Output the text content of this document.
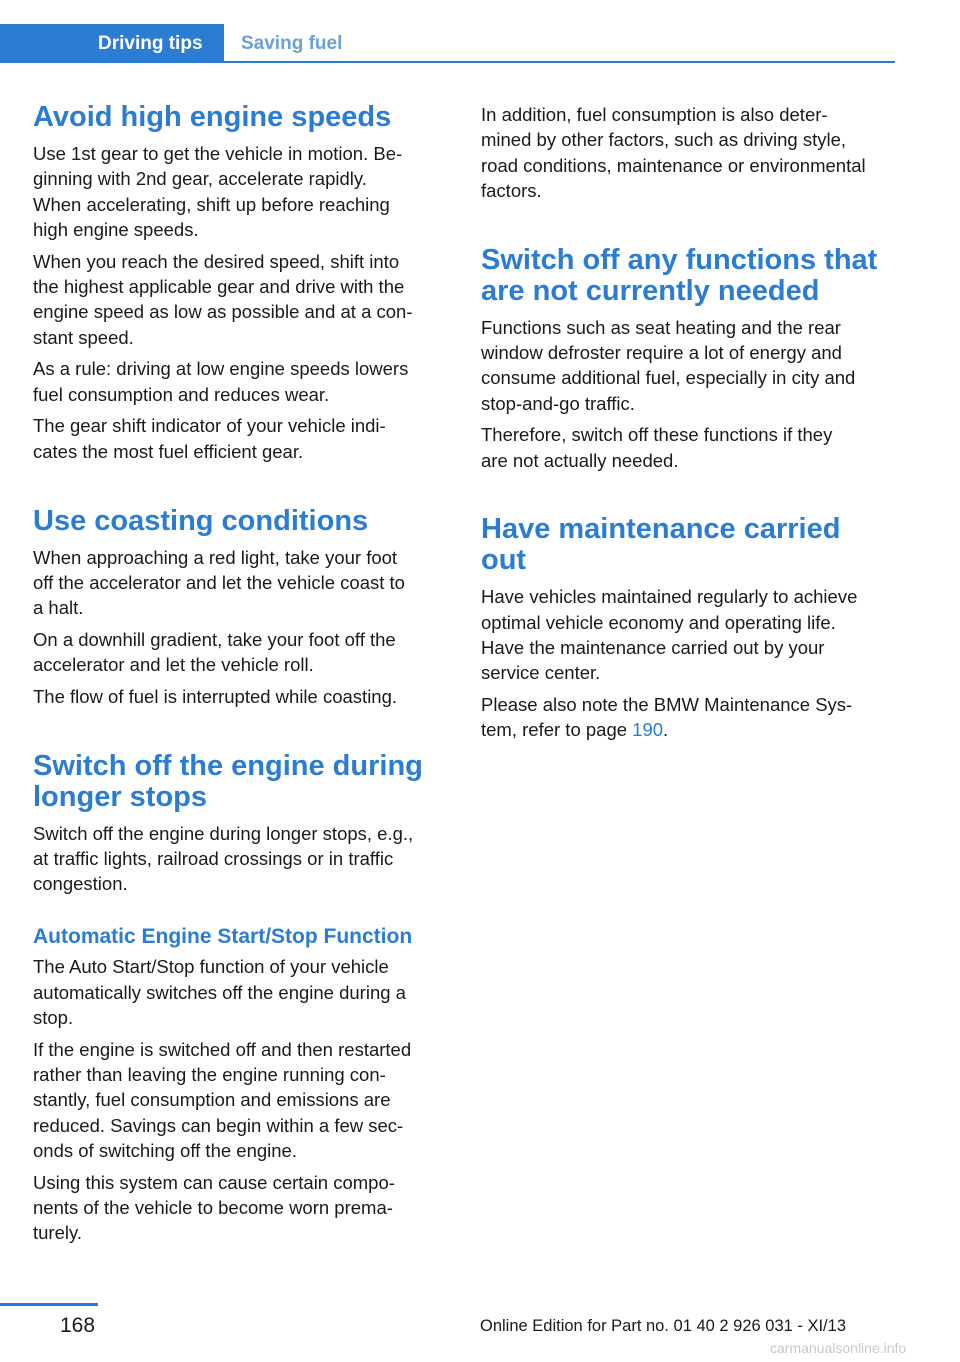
Driving tips	Saving fuel
Avoid high engine speeds

Use 1st gear to get the vehicle in motion. Be-
ginning with 2nd gear, accelerate rapidly.
When accelerating, shift up before reaching
high engine speeds.

When you reach the desired speed, shift into
the highest applicable gear and drive with the
engine speed as low as possible and at a con-
stant speed.

As a rule: driving at low engine speeds lowers
fuel consumption and reduces wear.

The gear shift indicator of your vehicle indi-
cates the most fuel efficient gear.

Use coasting conditions

When approaching a red light, take your foot
off the accelerator and let the vehicle coast to
a halt.

On a downhill gradient, take your foot off the
accelerator and let the vehicle roll.

The flow of fuel is interrupted while coasting.

Switch off the engine during
longer stops

Switch off the engine during longer stops, e.g.,
at traffic lights, railroad crossings or in traffic
congestion.

Automatic Engine Start/Stop Function

The Auto Start/Stop function of your vehicle
automatically switches off the engine during a
stop.

If the engine is switched off and then restarted
rather than leaving the engine running con-
stantly, fuel consumption and emissions are
reduced. Savings can begin within a few sec-
onds of switching off the engine.

Using this system can cause certain compo-
nents of the vehicle to become worn prema-
turely.

In addition, fuel consumption is also deter-
mined by other factors, such as driving style,
road conditions, maintenance or environmental
factors.

Switch off any functions that
are not currently needed

Functions such as seat heating and the rear
window defroster require a lot of energy and
consume additional fuel, especially in city and
stop-and-go traffic.

Therefore, switch off these functions if they
are not actually needed.

Have maintenance carried
out

Have vehicles maintained regularly to achieve
optimal vehicle economy and operating life.
Have the maintenance carried out by your
service center.

Please also note the BMW Maintenance Sys-
tem, refer to page 190.

168	Online Edition for Part no. 01 40 2 926 031 - XI/13
carmanualsonline.info
